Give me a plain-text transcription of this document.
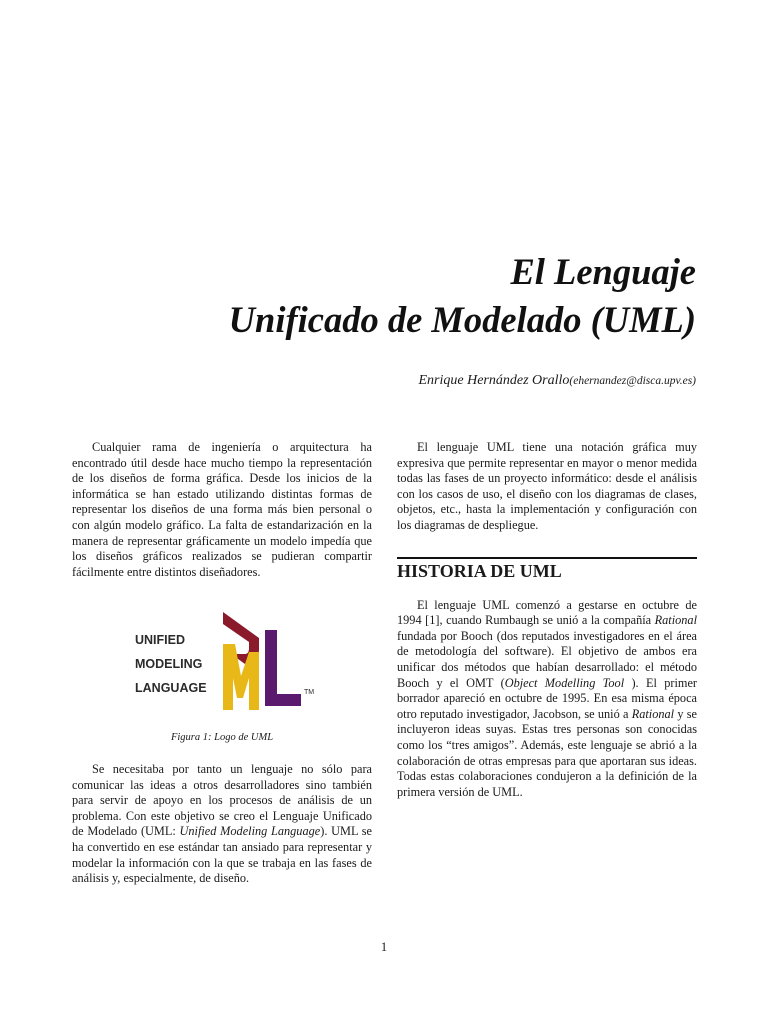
El Lenguaje
Unificado de Modelado (UML)
Enrique Hernández Orallo(ehernandez@disca.upv.es)

Cualquier rama de ingeniería o arquitectura ha encontrado útil desde hace mucho tiempo la representación de los diseños de forma gráfica. Desde los inicios de la informática se han estado utilizando distintas formas de representar los diseños de una forma más bien personal o con algún modelo gráfico. La falta de estandarización en la manera de representar gráficamente un modelo impedía que los diseños gráficos realizados se pudieran compartir fácilmente entre distintos diseñadores.

UNIFIED
MODELING
LANGUAGE	TM
Figura 1: Logo de UML

Se necesitaba por tanto un lenguaje no sólo para comunicar las ideas a otros desarrolladores sino también para servir de apoyo en los procesos de análisis de un problema. Con este objetivo se creo el Lenguaje Unificado de Modelado (UML: Unified Modeling Language). UML se ha convertido en ese estándar tan ansiado para representar y modelar la información con la que se trabaja en las fases de análisis y, especialmente, de diseño.

El lenguaje UML tiene una notación gráfica muy expresiva que permite representar en mayor o menor medida todas las fases de un proyecto informático: desde el análisis con los casos de uso, el diseño con los diagramas de clases, objetos, etc., hasta la implementación y configuración con los diagramas de despliegue.

HISTORIA DE UML

El lenguaje UML comenzó a gestarse en octubre de 1994 [1], cuando Rumbaugh se unió a la compañía Rational fundada por Booch (dos reputados investigadores en el área de metodología del software). El objetivo de ambos era unificar dos métodos que habían desarrollado: el método Booch y el OMT (Object Modelling Tool ). El primer borrador apareció en octubre de 1995. En esa misma época otro reputado investigador, Jacobson, se unió a Rational y se incluyeron ideas suyas. Estas tres personas son conocidas como los “tres amigos”. Además, este lenguaje se abrió a la colaboración de otras empresas para que aportaran sus ideas. Todas estas colaboraciones condujeron a la definición de la primera versión de UML.

1
